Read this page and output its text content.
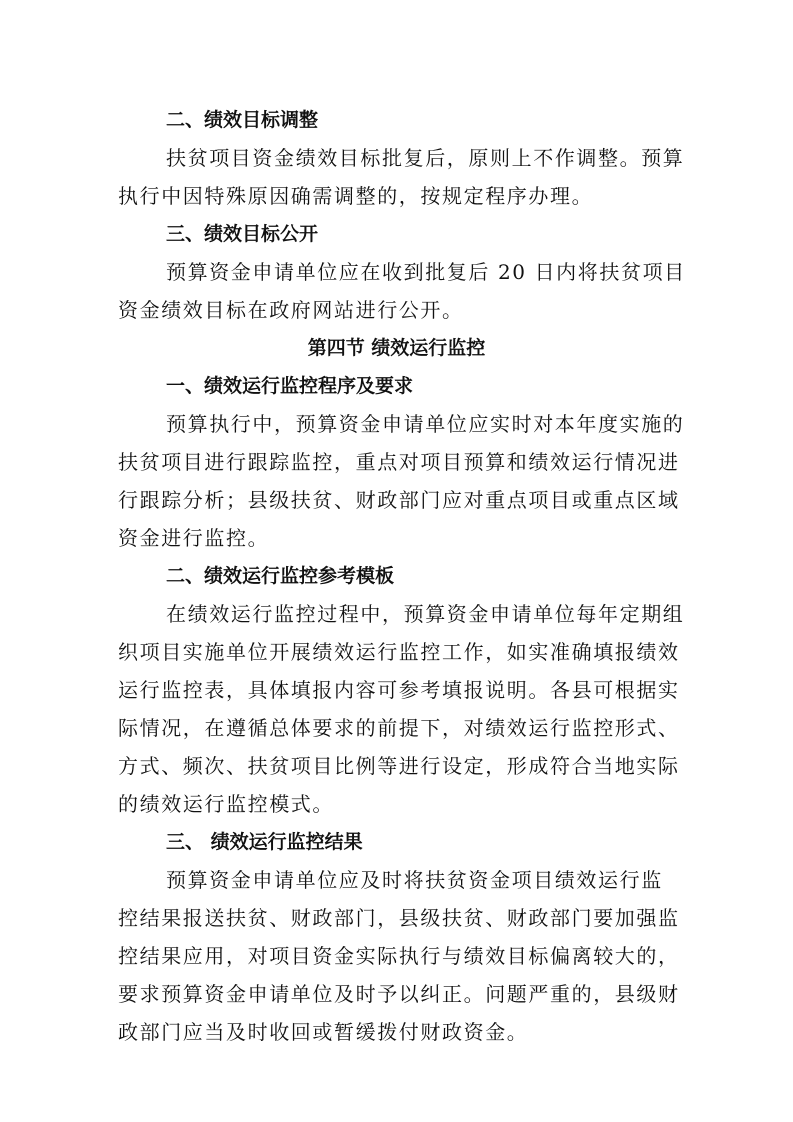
二、绩效目标调整
扶贫项目资金绩效目标批复后，原则上不作调整。预算
执行中因特殊原因确需调整的，按规定程序办理。
三、绩效目标公开
预算资金申请单位应在收到批复后 20 日内将扶贫项目
资金绩效目标在政府网站进行公开。
第四节 绩效运行监控
一、绩效运行监控程序及要求
预算执行中，预算资金申请单位应实时对本年度实施的
扶贫项目进行跟踪监控，重点对项目预算和绩效运行情况进
行跟踪分析；县级扶贫、财政部门应对重点项目或重点区域
资金进行监控。
二、绩效运行监控参考模板
在绩效运行监控过程中，预算资金申请单位每年定期组
织项目实施单位开展绩效运行监控工作，如实准确填报绩效
运行监控表，具体填报内容可参考填报说明。各县可根据实
际情况，在遵循总体要求的前提下，对绩效运行监控形式、
方式、频次、扶贫项目比例等进行设定，形成符合当地实际
的绩效运行监控模式。
三、 绩效运行监控结果
预算资金申请单位应及时将扶贫资金项目绩效运行监
控结果报送扶贫、财政部门，县级扶贫、财政部门要加强监
控结果应用，对项目资金实际执行与绩效目标偏离较大的，
要求预算资金申请单位及时予以纠正。问题严重的，县级财
政部门应当及时收回或暂缓拨付财政资金。
